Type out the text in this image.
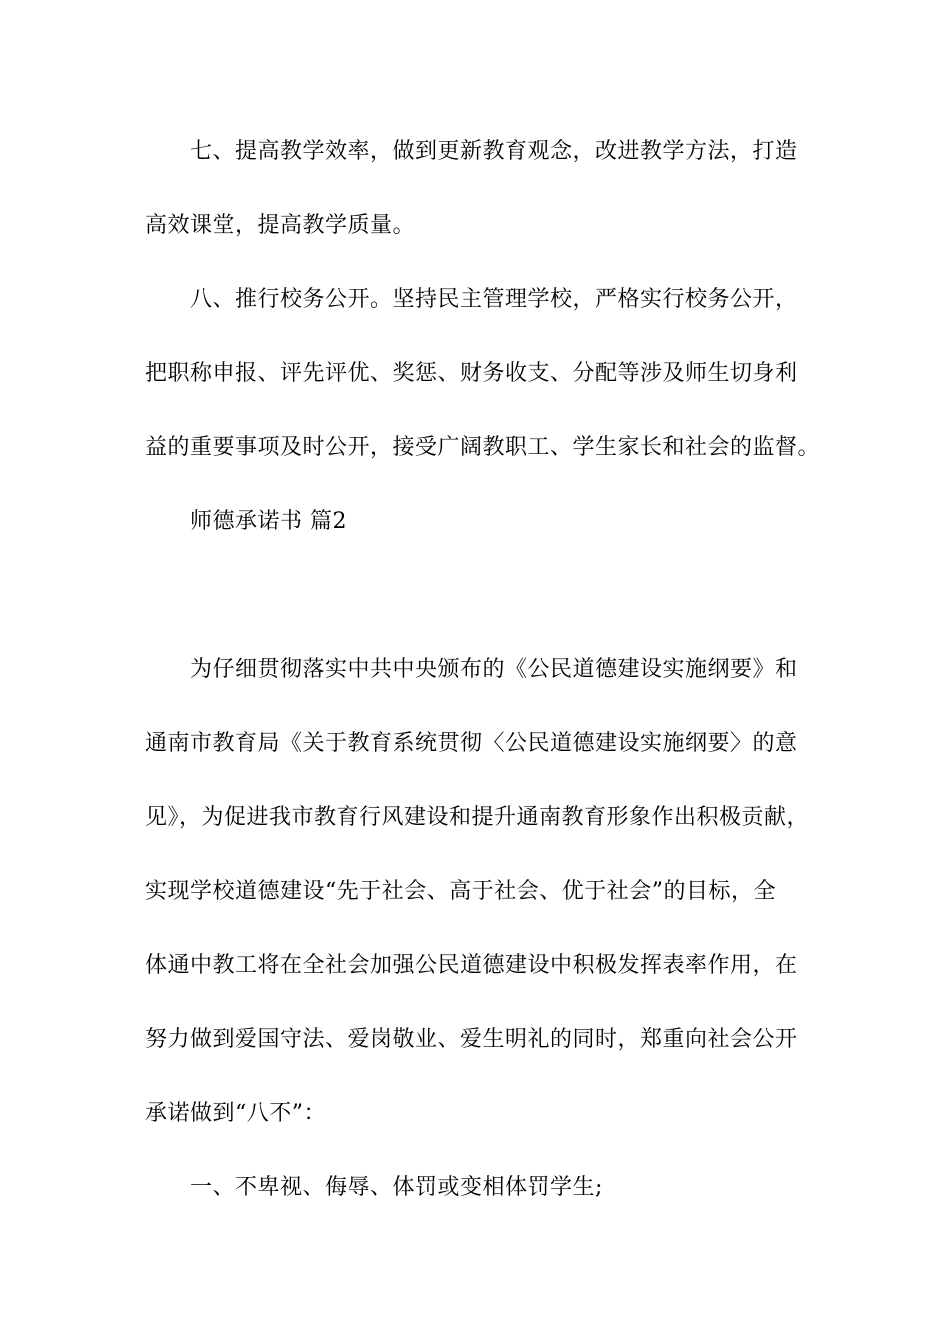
七、提高教学效率，做到更新教育观念，改进教学方法，打造
高效课堂，提高教学质量。
八、推行校务公开。坚持民主管理学校，严格实行校务公开，
把职称申报、评先评优、奖惩、财务收支、分配等涉及师生切身利
益的重要事项及时公开，接受广阔教职工、学生家长和社会的监督。
师德承诺书 篇2
为仔细贯彻落实中共中央颁布的《公民道德建设实施纲要》和
通南市教育局《关于教育系统贯彻〈公民道德建设实施纲要〉的意
见》，为促进我市教育行风建设和提升通南教育形象作出积极贡献，
实现学校道德建设“先于社会、高于社会、优于社会”的目标，全
体通中教工将在全社会加强公民道德建设中积极发挥表率作用，在
努力做到爱国守法、爱岗敬业、爱生明礼的同时，郑重向社会公开
承诺做到“八不”：
一、不卑视、侮辱、体罚或变相体罚学生;
